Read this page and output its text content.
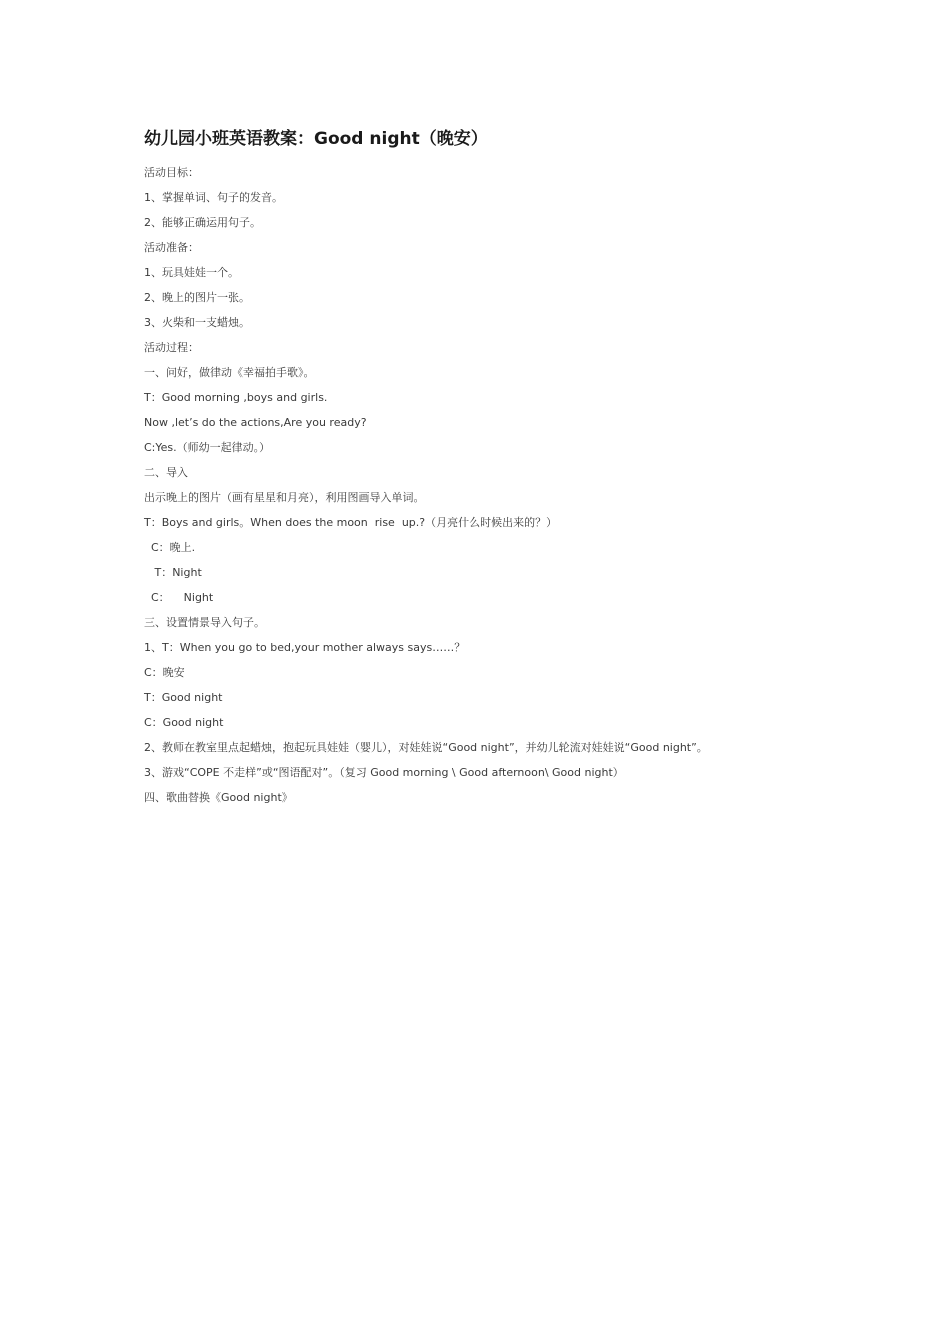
幼儿园小班英语教案：Good night（晚安）
活动目标：
1、掌握单词、句子的发音。
2、能够正确运用句子。
活动准备：
1、玩具娃娃一个。
2、晚上的图片一张。
3、火柴和一支蜡烛。
活动过程：
一、问好，做律动《幸福拍手歌》。
T：Good morning ,boys and girls.
Now ,let’s do the actions,Are you ready?
C:Yes.（师幼一起律动。）
二、导入
出示晚上的图片（画有星星和月亮），利用图画导入单词。
T：Boys and girls。When does the moon  rise  up.?（月亮什么时候出来的？）
C：晚上.
T：Night
C：    Night
三、设置情景导入句子。
1、T：When you go to bed,your mother always says……？
C：晚安
T：Good night
C：Good night
2、教师在教室里点起蜡烛，抱起玩具娃娃（婴儿），对娃娃说“Good night”，并幼儿轮流对娃娃说“Good night”。
3、游戏“COPE 不走样”或“图语配对”。（复习 Good morning \ Good afternoon\ Good night）
四、歌曲替换《Good night》
